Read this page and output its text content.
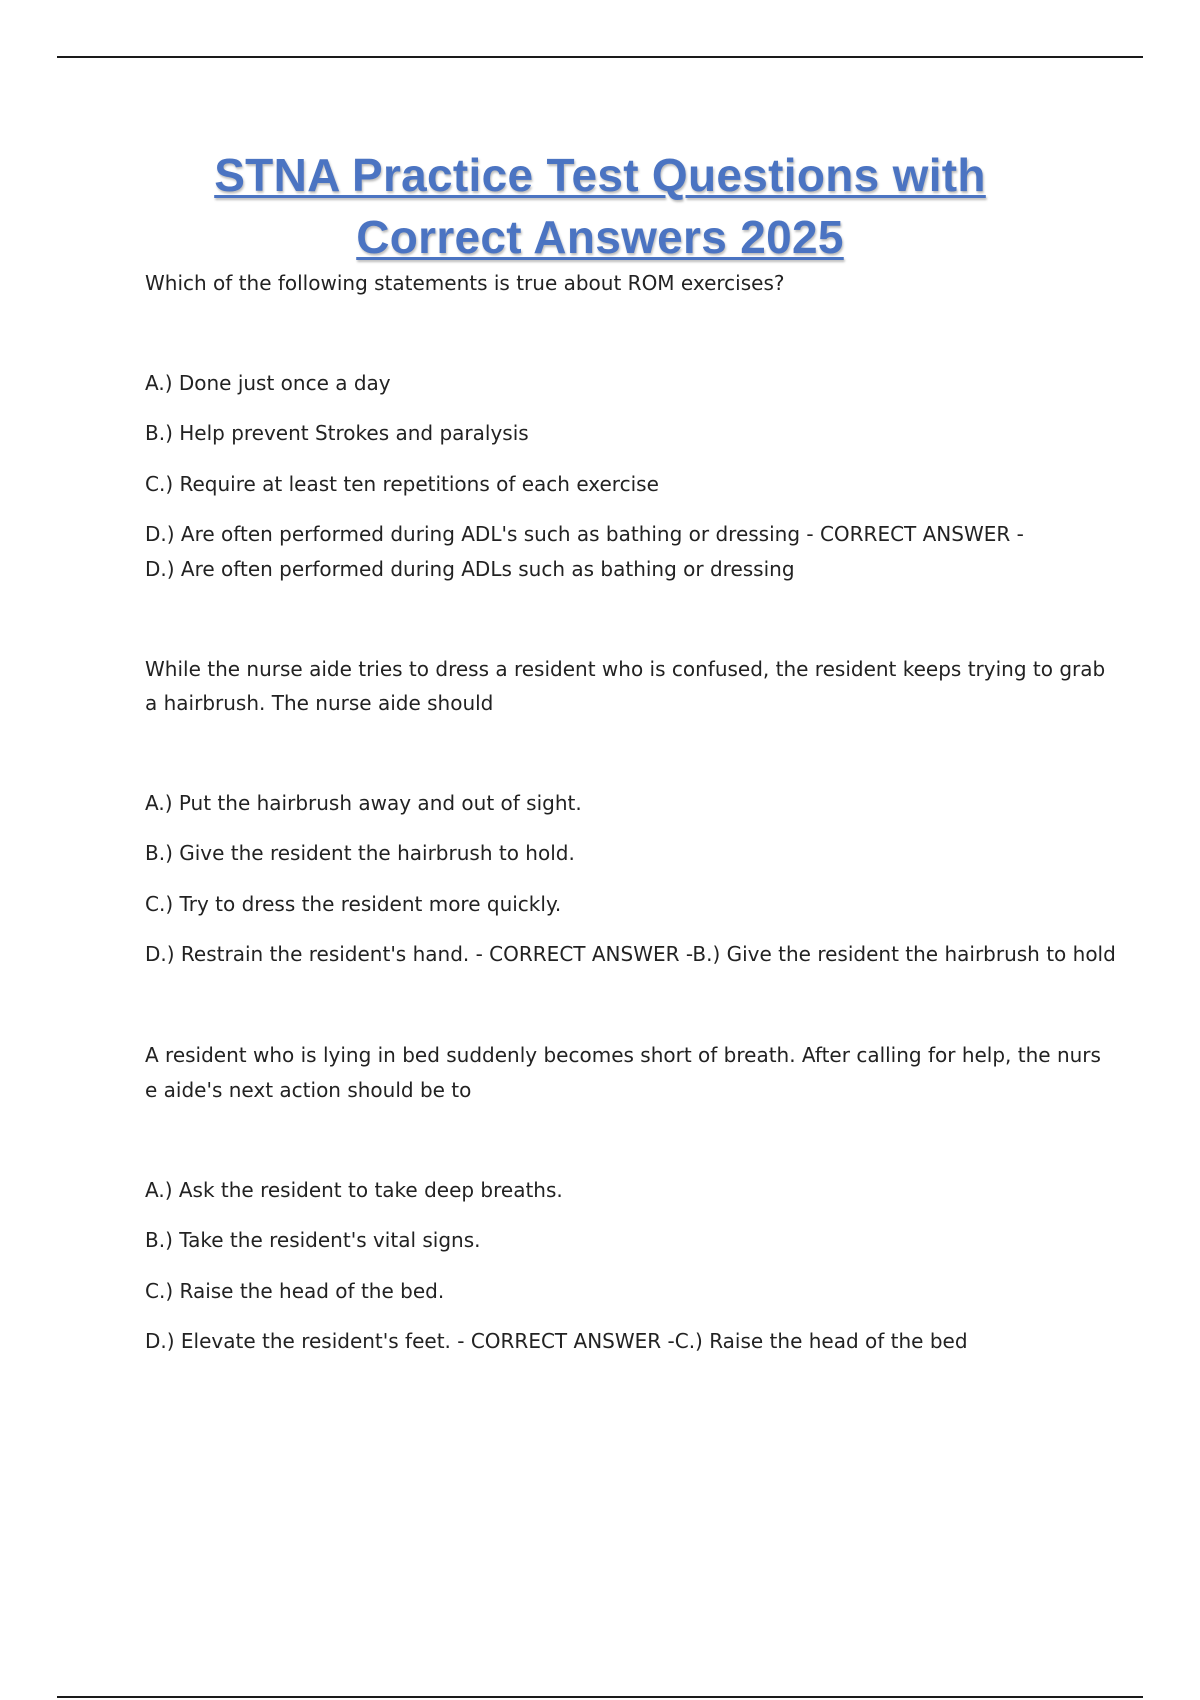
STNA Practice Test Questions with
Correct Answers 2025
Which of the following statements is true about ROM exercises?
A.) Done just once a day
B.) Help prevent Strokes and paralysis
C.) Require at least ten repetitions of each exercise
D.) Are often performed during ADL's such as bathing or dressing - CORRECT ANSWER -
D.) Are often performed during ADLs such as bathing or dressing
While the nurse aide tries to dress a resident who is confused, the resident keeps trying to grab
a hairbrush. The nurse aide should
A.) Put the hairbrush away and out of sight.
B.) Give the resident the hairbrush to hold.
C.) Try to dress the resident more quickly.
D.) Restrain the resident's hand. - CORRECT ANSWER -B.) Give the resident the hairbrush to hold
A resident who is lying in bed suddenly becomes short of breath. After calling for help, the nurs
e aide's next action should be to
A.) Ask the resident to take deep breaths.
B.) Take the resident's vital signs.
C.) Raise the head of the bed.
D.) Elevate the resident's feet. - CORRECT ANSWER -C.) Raise the head of the bed
